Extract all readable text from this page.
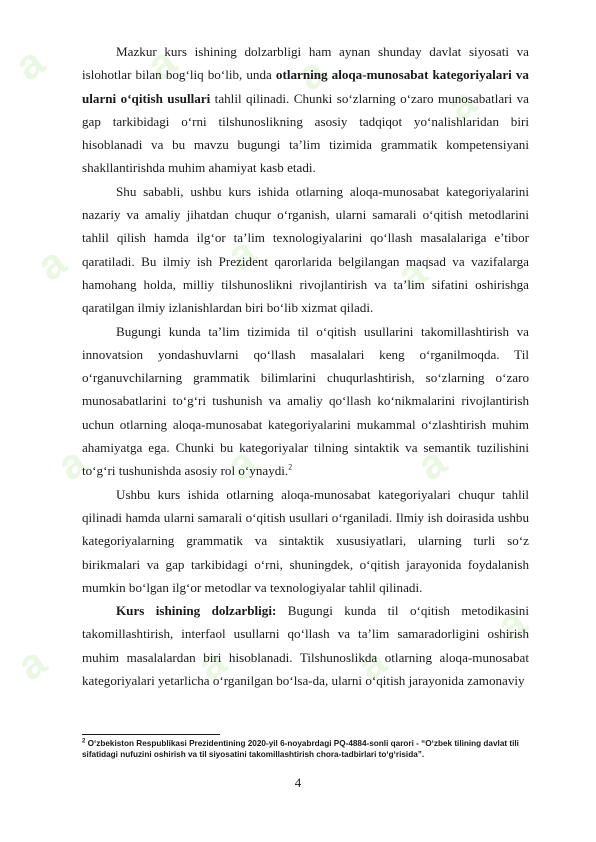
a a a
a
a	a	a
a	a	a
a	a	a
a

Mazkur kurs ishining dolzarbligi ham aynan shunday davlat siyosati va islohotlar bilan bog‘liq bo‘lib, unda otlarning aloqa-munosabat kategoriyalari va ularni o‘qitish usullari tahlil qilinadi. Chunki so‘zlarning o‘zaro munosabatlari va gap tarkibidagi o‘rni tilshunoslikning asosiy tadqiqot yo‘nalishlaridan biri hisoblanadi va bu mavzu bugungi ta’lim tizimida grammatik kompetensiyani shakllantirishda muhim ahamiyat kasb etadi.

Shu sababli, ushbu kurs ishida otlarning aloqa-munosabat kategoriyalarini nazariy va amaliy jihatdan chuqur o‘rganish, ularni samarali o‘qitish metodlarini tahlil qilish hamda ilg‘or ta’lim texnologiyalarini qo‘llash masalalariga e’tibor qaratiladi. Bu ilmiy ish Prezident qarorlarida belgilangan maqsad va vazifalarga hamohang holda, milliy tilshunoslikni rivojlantirish va ta’lim sifatini oshirishga qaratilgan ilmiy izlanishlardan biri bo‘lib xizmat qiladi.

Bugungi kunda ta’lim tizimida til o‘qitish usullarini takomillashtirish va innovatsion yondashuvlarni qo‘llash masalalari keng o‘rganilmoqda. Til o‘rganuvchilarning grammatik bilimlarini chuqurlashtirish, so‘zlarning o‘zaro munosabatlarini to‘g‘ri tushunish va amaliy qo‘llash ko‘nikmalarini rivojlantirish uchun otlarning aloqa-munosabat kategoriyalarini mukammal o‘zlashtirish muhim ahamiyatga ega. Chunki bu kategoriyalar tilning sintaktik va semantik tuzilishini to‘g‘ri tushunishda asosiy rol o‘ynaydi.$^2$

Ushbu kurs ishida otlarning aloqa-munosabat kategoriyalari chuqur tahlil qilinadi hamda ularni samarali o‘qitish usullari o‘rganiladi. Ilmiy ish doirasida ushbu kategoriyalarning grammatik va sintaktik xususiyatlari, ularning turli so‘z birikmalari va gap tarkibidagi o‘rni, shuningdek, o‘qitish jarayonida foydalanish mumkin bo‘lgan ilg‘or metodlar va texnologiyalar tahlil qilinadi.

Kurs ishining dolzarbligi: Bugungi kunda til o‘qitish metodikasini takomillashtirish, interfaol usullarni qo‘llash va ta’lim samaradorligini oshirish muhim masalalardan biri hisoblanadi. Tilshunoslikda otlarning aloqa-munosabat kategoriyalari yetarlicha o‘rganilgan bo‘lsa-da, ularni o‘qitish jarayonida zamonaviy

$^2$ O‘zbekiston Respublikasi Prezidentining 2020-yil 6-noyabrdagi PQ-4884-sonli qarori - “O‘zbek tilining davlat tili sifatidagi nufuzini oshirish va til siyosatini takomillashtirish chora-tadbirlari to‘g‘risida”.
4
